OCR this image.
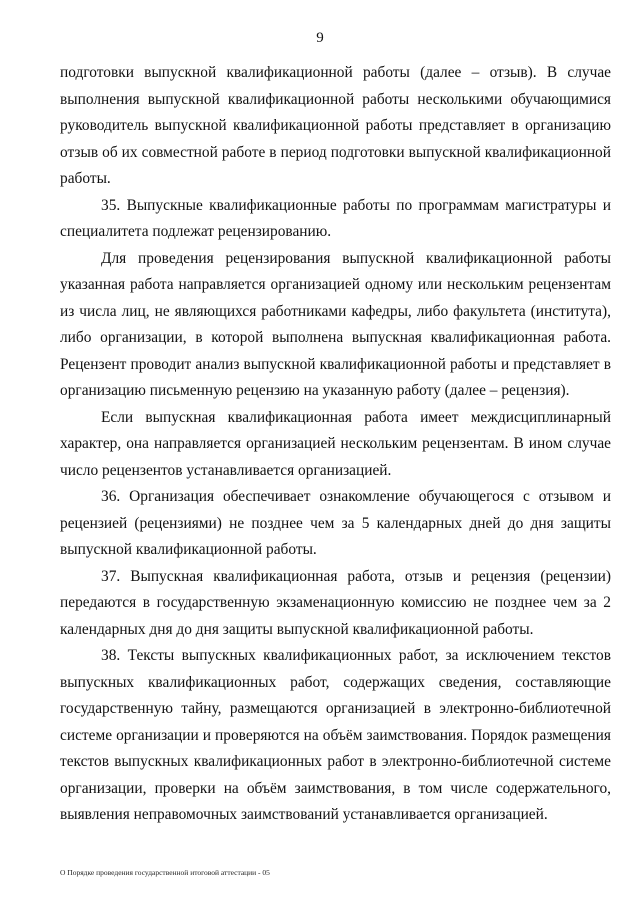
9

подготовки выпускной квалификационной работы (далее – отзыв). В случае выполнения выпускной квалификационной работы несколькими обучающимися руководитель выпускной квалификационной работы представляет в организацию отзыв об их совместной работе в период подготовки выпускной квалификационной работы.

35. Выпускные квалификационные работы по программам магистратуры и специалитета подлежат рецензированию.

Для проведения рецензирования выпускной квалификационной работы указанная работа направляется организацией одному или нескольким рецензентам из числа лиц, не являющихся работниками кафедры, либо факультета (института), либо организации, в которой выполнена выпускная квалификационная работа. Рецензент проводит анализ выпускной квалификационной работы и представляет в организацию письменную рецензию на указанную работу (далее – рецензия).

Если выпускная квалификационная работа имеет междисциплинарный характер, она направляется организацией нескольким рецензентам. В ином случае число рецензентов устанавливается организацией.

36. Организация обеспечивает ознакомление обучающегося с отзывом и рецензией (рецензиями) не позднее чем за 5 календарных дней до дня защиты выпускной квалификационной работы.

37. Выпускная квалификационная работа, отзыв и рецензия (рецензии) передаются в государственную экзаменационную комиссию не позднее чем за 2 календарных дня до дня защиты выпускной квалификационной работы.

38. Тексты выпускных квалификационных работ, за исключением текстов выпускных квалификационных работ, содержащих сведения, составляющие государственную тайну, размещаются организацией в электронно-библиотечной системе организации и проверяются на объём заимствования. Порядок размещения текстов выпускных квалификационных работ в электронно-библиотечной системе организации, проверки на объём заимствования, в том числе содержательного, выявления неправомочных заимствований устанавливается организацией.

О Порядке проведения государственной итоговой аттестации - 05
